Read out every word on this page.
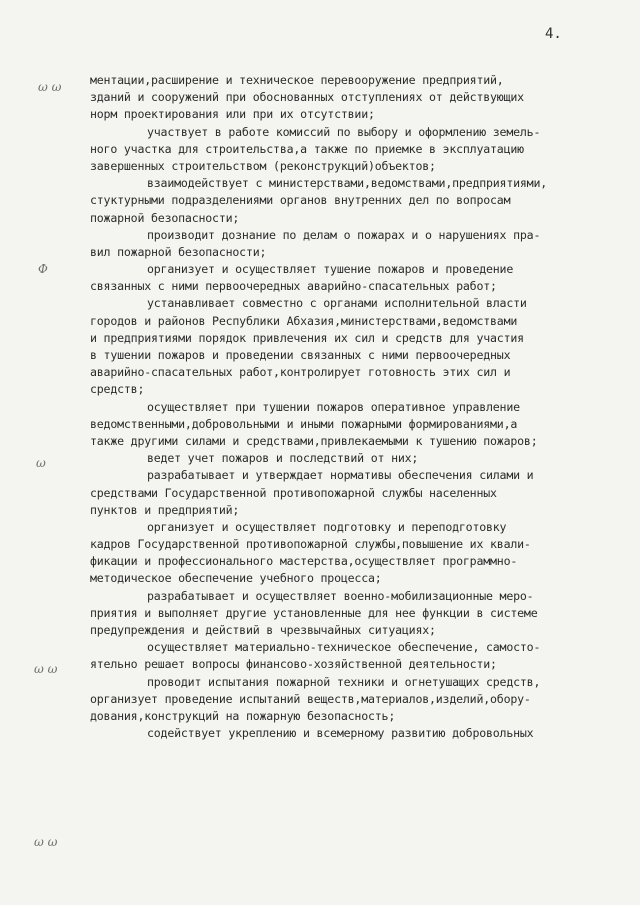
4.
ω ω
Φ
ω
ω ω
ω ω
ментации,расширение и техническое перевооружение предприятий,
зданий и сооружений при обоснованных отступлениях от действующих
норм проектирования или при их отсутствии;
участвует в работе комиссий по выбору и оформлению земель-
ного участка для строительства,а также по приемке в эксплуатацию
завершенных строительством (реконструкций)объектов;
взаимодействует с министерствами,ведомствами,предприятиями,
стуктурными подразделениями органов внутренних дел по вопросам
пожарной безопасности;
производит дознание по делам о пожарах и о нарушениях пра-
вил пожарной безопасности;
организует и осуществляет тушение пожаров и проведение
связанных с ними первоочередных аварийно-спасательных работ;
устанавливает совместно с органами исполнительной власти
городов и районов Республики Абхазия,министерствами,ведомствами
и предприятиями порядок привлечения их сил и средств для участия
в тушении пожаров и проведении связанных с ними первоочередных
аварийно-спасательных работ,контролирует готовность этих сил и
средств;
осуществляет при тушении пожаров оперативное управление
ведомственными,добровольными и иными пожарными формированиями,а
также другими силами и средствами,привлекаемыми к тушению пожаров;
ведет учет пожаров и последствий от них;
разрабатывает и утверждает нормативы обеспечения силами и
средствами Государственной противопожарной службы населенных
пунктов и предприятий;
организует и осуществляет подготовку и переподготовку
кадров Государственной противопожарной службы,повышение их квали-
фикации и профессионального мастерства,осуществляет программно-
методическое обеспечение учебного процесса;
разрабатывает и осуществляет военно-мобилизационные меро-
приятия и выполняет другие установленные для нее функции в системе
предупреждения и действий в чрезвычайных ситуациях;
осуществляет материально-техническое обеспечение, самосто-
ятельно решает вопросы финансово-хозяйственной деятельности;
проводит испытания пожарной техники и огнетушащих средств,
организует проведение испытаний веществ,материалов,изделий,обору-
дования,конструкций на пожарную безопасность;
содействует укреплению и всемерному развитию добровольных
